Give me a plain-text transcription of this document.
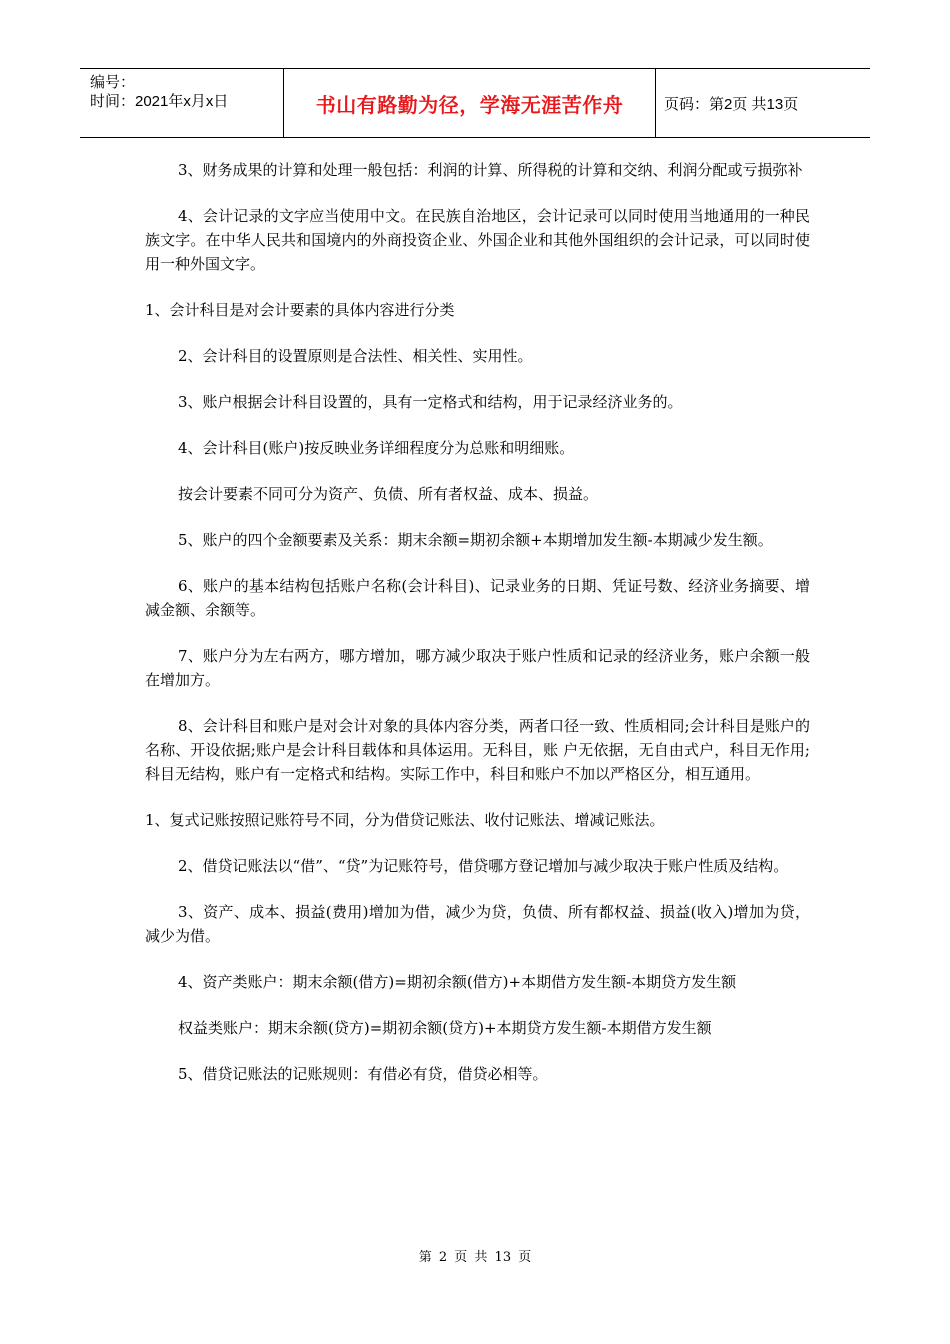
编号：
时间：2021年x月x日	书山有路勤为径，学海无涯苦作舟	页码：第2页 共13页

3、财务成果的计算和处理一般包括：利润的计算、所得税的计算和交纳、利润分配或亏损弥补

4、会计记录的文字应当使用中文。在民族自治地区，会计记录可以同时使用当地通用的一种民族文字。在中华人民共和国境内的外商投资企业、外国企业和其他外国组织的会计记录，可以同时使用一种外国文字。

1、会计科目是对会计要素的具体内容进行分类

2、会计科目的设置原则是合法性、相关性、实用性。

3、账户根据会计科目设置的，具有一定格式和结构，用于记录经济业务的。

4、会计科目(账户)按反映业务详细程度分为总账和明细账。

按会计要素不同可分为资产、负债、所有者权益、成本、损益。

5、账户的四个金额要素及关系：期末余额=期初余额+本期增加发生额-本期减少发生额。

6、账户的基本结构包括账户名称(会计科目)、记录业务的日期、凭证号数、经济业务摘要、增减金额、余额等。

7、账户分为左右两方，哪方增加，哪方减少取决于账户性质和记录的经济业务，账户余额一般在增加方。

8、会计科目和账户是对会计对象的具体内容分类，两者口径一致、性质相同;会计科目是账户的名称、开设依据;账户是会计科目载体和具体运用。无科目，账 户无依据，无自由式户，科目无作用;科目无结构，账户有一定格式和结构。实际工作中，科目和账户不加以严格区分，相互通用。

1、复式记账按照记账符号不同，分为借贷记账法、收付记账法、增减记账法。

2、借贷记账法以“借”、“贷”为记账符号，借贷哪方登记增加与减少取决于账户性质及结构。

3、资产、成本、损益(费用)增加为借，减少为贷，负债、所有都权益、损益(收入)增加为贷，减少为借。

4、资产类账户：期末余额(借方)=期初余额(借方)+本期借方发生额-本期贷方发生额

权益类账户：期末余额(贷方)=期初余额(贷方)+本期贷方发生额-本期借方发生额

5、借贷记账法的记账规则：有借必有贷，借贷必相等。

第 2 页 共 13 页
